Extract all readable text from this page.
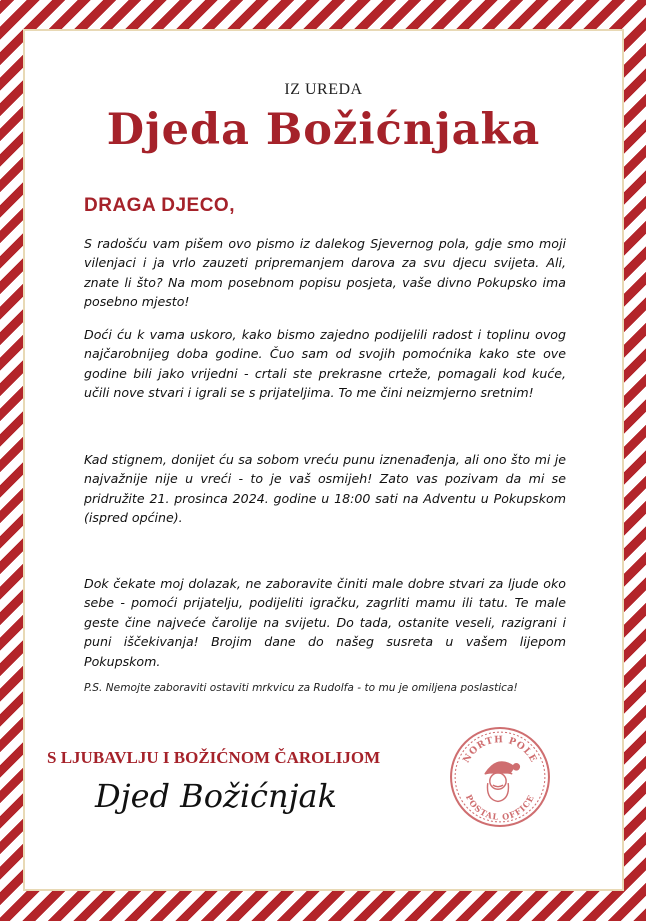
IZ UREDA
Djeda Božićnjaka
DRAGA DJECO,

S radošću vam pišem ovo pismo iz dalekog Sjevernog pola, gdje smo moji vilenjaci i ja vrlo zauzeti pripremanjem darova za svu djecu svijeta. Ali, znate li što? Na mom posebnom popisu posjeta, vaše divno Pokupsko ima posebno mjesto!

Doći ću k vama uskoro, kako bismo zajedno podijelili radost i toplinu ovog najčarobnijeg doba godine. Čuo sam od svojih pomoćnika kako ste ove godine bili jako vrijedni - crtali ste prekrasne crteže, pomagali kod kuće, učili nove stvari i igrali se s prijateljima. To me čini neizmjerno sretnim!

Kad stignem, donijet ću sa sobom vreću punu iznenađenja, ali ono što mi je najvažnije nije u vreći - to je vaš osmijeh! Zato vas pozivam da mi se pridružite 21. prosinca 2024. godine u 18:00 sati na Adventu u Pokupskom (ispred općine).

Dok čekate moj dolazak, ne zaboravite činiti male dobre stvari za ljude oko sebe - pomoći prijatelju, podijeliti igračku, zagrliti mamu ili tatu. Te male geste čine najveće čarolije na svijetu. Do tada, ostanite veseli, razigrani i puni iščekivanja! Brojim dane do našeg susreta u vašem lijepom Pokupskom.

P.S. Nemojte zaboraviti ostaviti mrkvicu za Rudolfa - to mu je omiljena poslastica!

S LJUBAVLJU I BOŽIĆNOM ČAROLIJOM
Djed Božićnjak
NORTH POLE
POSTAL OFFICE
